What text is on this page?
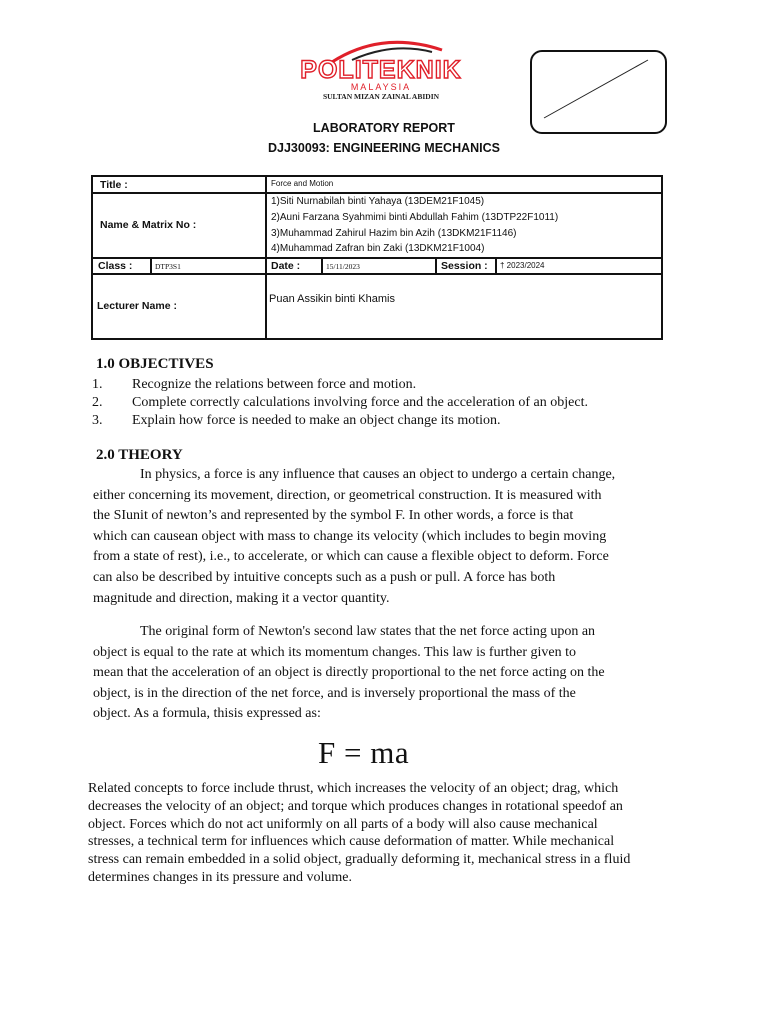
POLITEKNIK
MALAYSIA
SULTAN MIZAN ZAINAL ABIDIN
LABORATORY REPORT
DJJ30093: ENGINEERING MECHANICS
Title :	Force and Motion
Name & Matrix No :
1)Siti Nurnabilah binti Yahaya (13DEM21F1045)
2)Auni Farzana Syahmimi binti Abdullah Fahim (13DTP22F1011)
3)Muhammad Zahirul Hazim bin Azih (13DKM21F1146)
4)Muhammad Zafran bin Zaki (13DKM21F1004)
Class :	DTP3S1	Date :	15/11/2023	Session : † 2023/2024
Lecturer Name :
Puan Assikin binti Khamis
1.0 OBJECTIVES
1. Recognize the relations between force and motion.
2. Complete correctly calculations involving force and the acceleration of an object.
3. Explain how force is needed to make an object change its motion.
2.0 THEORY
In physics, a force is any influence that causes an object to undergo a certain change,
either concerning its movement, direction, or geometrical construction. It is measured with
the SIunit of newton’s and represented by the symbol F. In other words, a force is that
which can causean object with mass to change its velocity (which includes to begin moving
from a state of rest), i.e., to accelerate, or which can cause a flexible object to deform. Force
can also be described by intuitive concepts such as a push or pull. A force has both
magnitude and direction, making it a vector quantity.
The original form of Newton's second law states that the net force acting upon an
object is equal to the rate at which its momentum changes. This law is further given to
mean that the acceleration of an object is directly proportional to the net force acting on the
object, is in the direction of the net force, and is inversely proportional the mass of the
object. As a formula, thisis expressed as:
F = ma
Related concepts to force include thrust, which increases the velocity of an object; drag, which
decreases the velocity of an object; and torque which produces changes in rotational speedof an
object. Forces which do not act uniformly on all parts of a body will also cause mechanical
stresses, a technical term for influences which cause deformation of matter. While mechanical
stress can remain embedded in a solid object, gradually deforming it, mechanical stress in a fluid
determines changes in its pressure and volume.
